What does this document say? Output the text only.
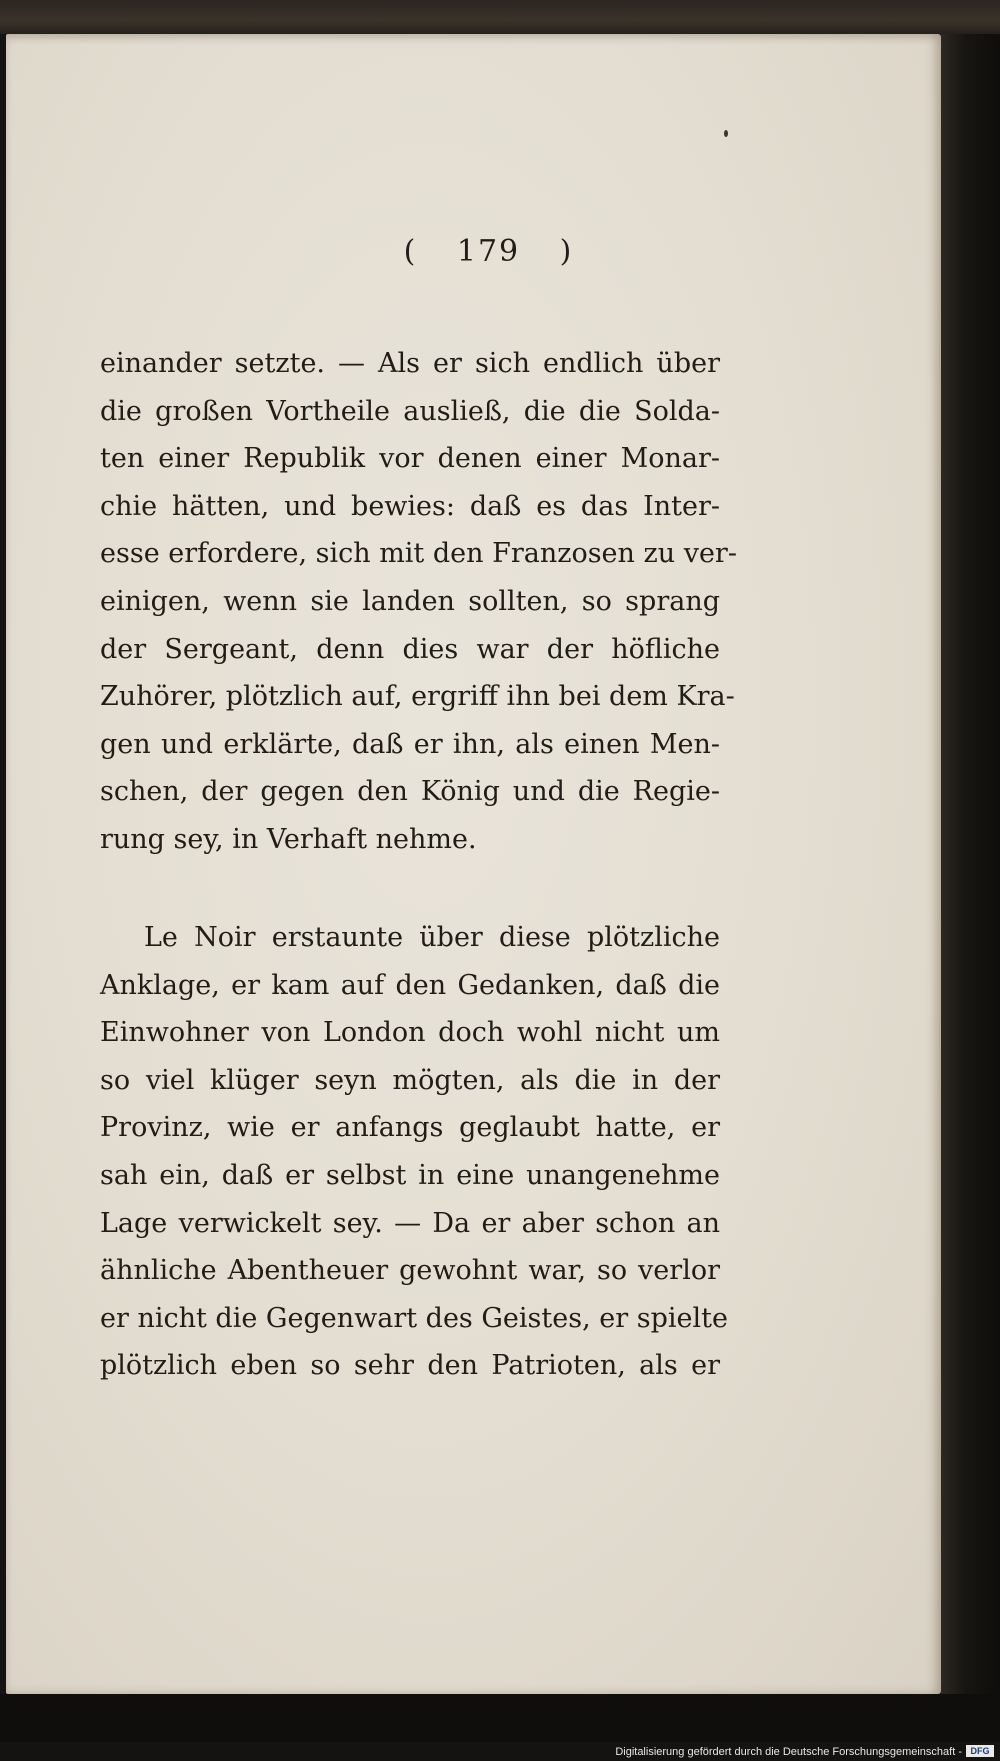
( 179 )

einander setzte. — Als er sich endlich über
die großen Vortheile ausließ, die die Solda-
ten einer Republik vor denen einer Monar-
chie hätten, und bewies: daß es das Inter-
esse erfordere, sich mit den Franzosen zu ver-
einigen, wenn sie landen sollten, so sprang
der Sergeant, denn dies war der höfliche
Zuhörer, plötzlich auf, ergriff ihn bei dem Kra-
gen und erklärte, daß er ihn, als einen Men-
schen, der gegen den König und die Regie-
rung sey, in Verhaft nehme.

Le Noir erstaunte über diese plötzliche
Anklage, er kam auf den Gedanken, daß die
Einwohner von London doch wohl nicht um
so viel klüger seyn mögten, als die in der
Provinz, wie er anfangs geglaubt hatte, er
sah ein, daß er selbst in eine unangenehme
Lage verwickelt sey. — Da er aber schon an
ähnliche Abentheuer gewohnt war, so verlor
er nicht die Gegenwart des Geistes, er spielte
plötzlich eben so sehr den Patrioten, als er

Digitalisierung gefördert durch die Deutsche Forschungsgemeinschaft - DFG
